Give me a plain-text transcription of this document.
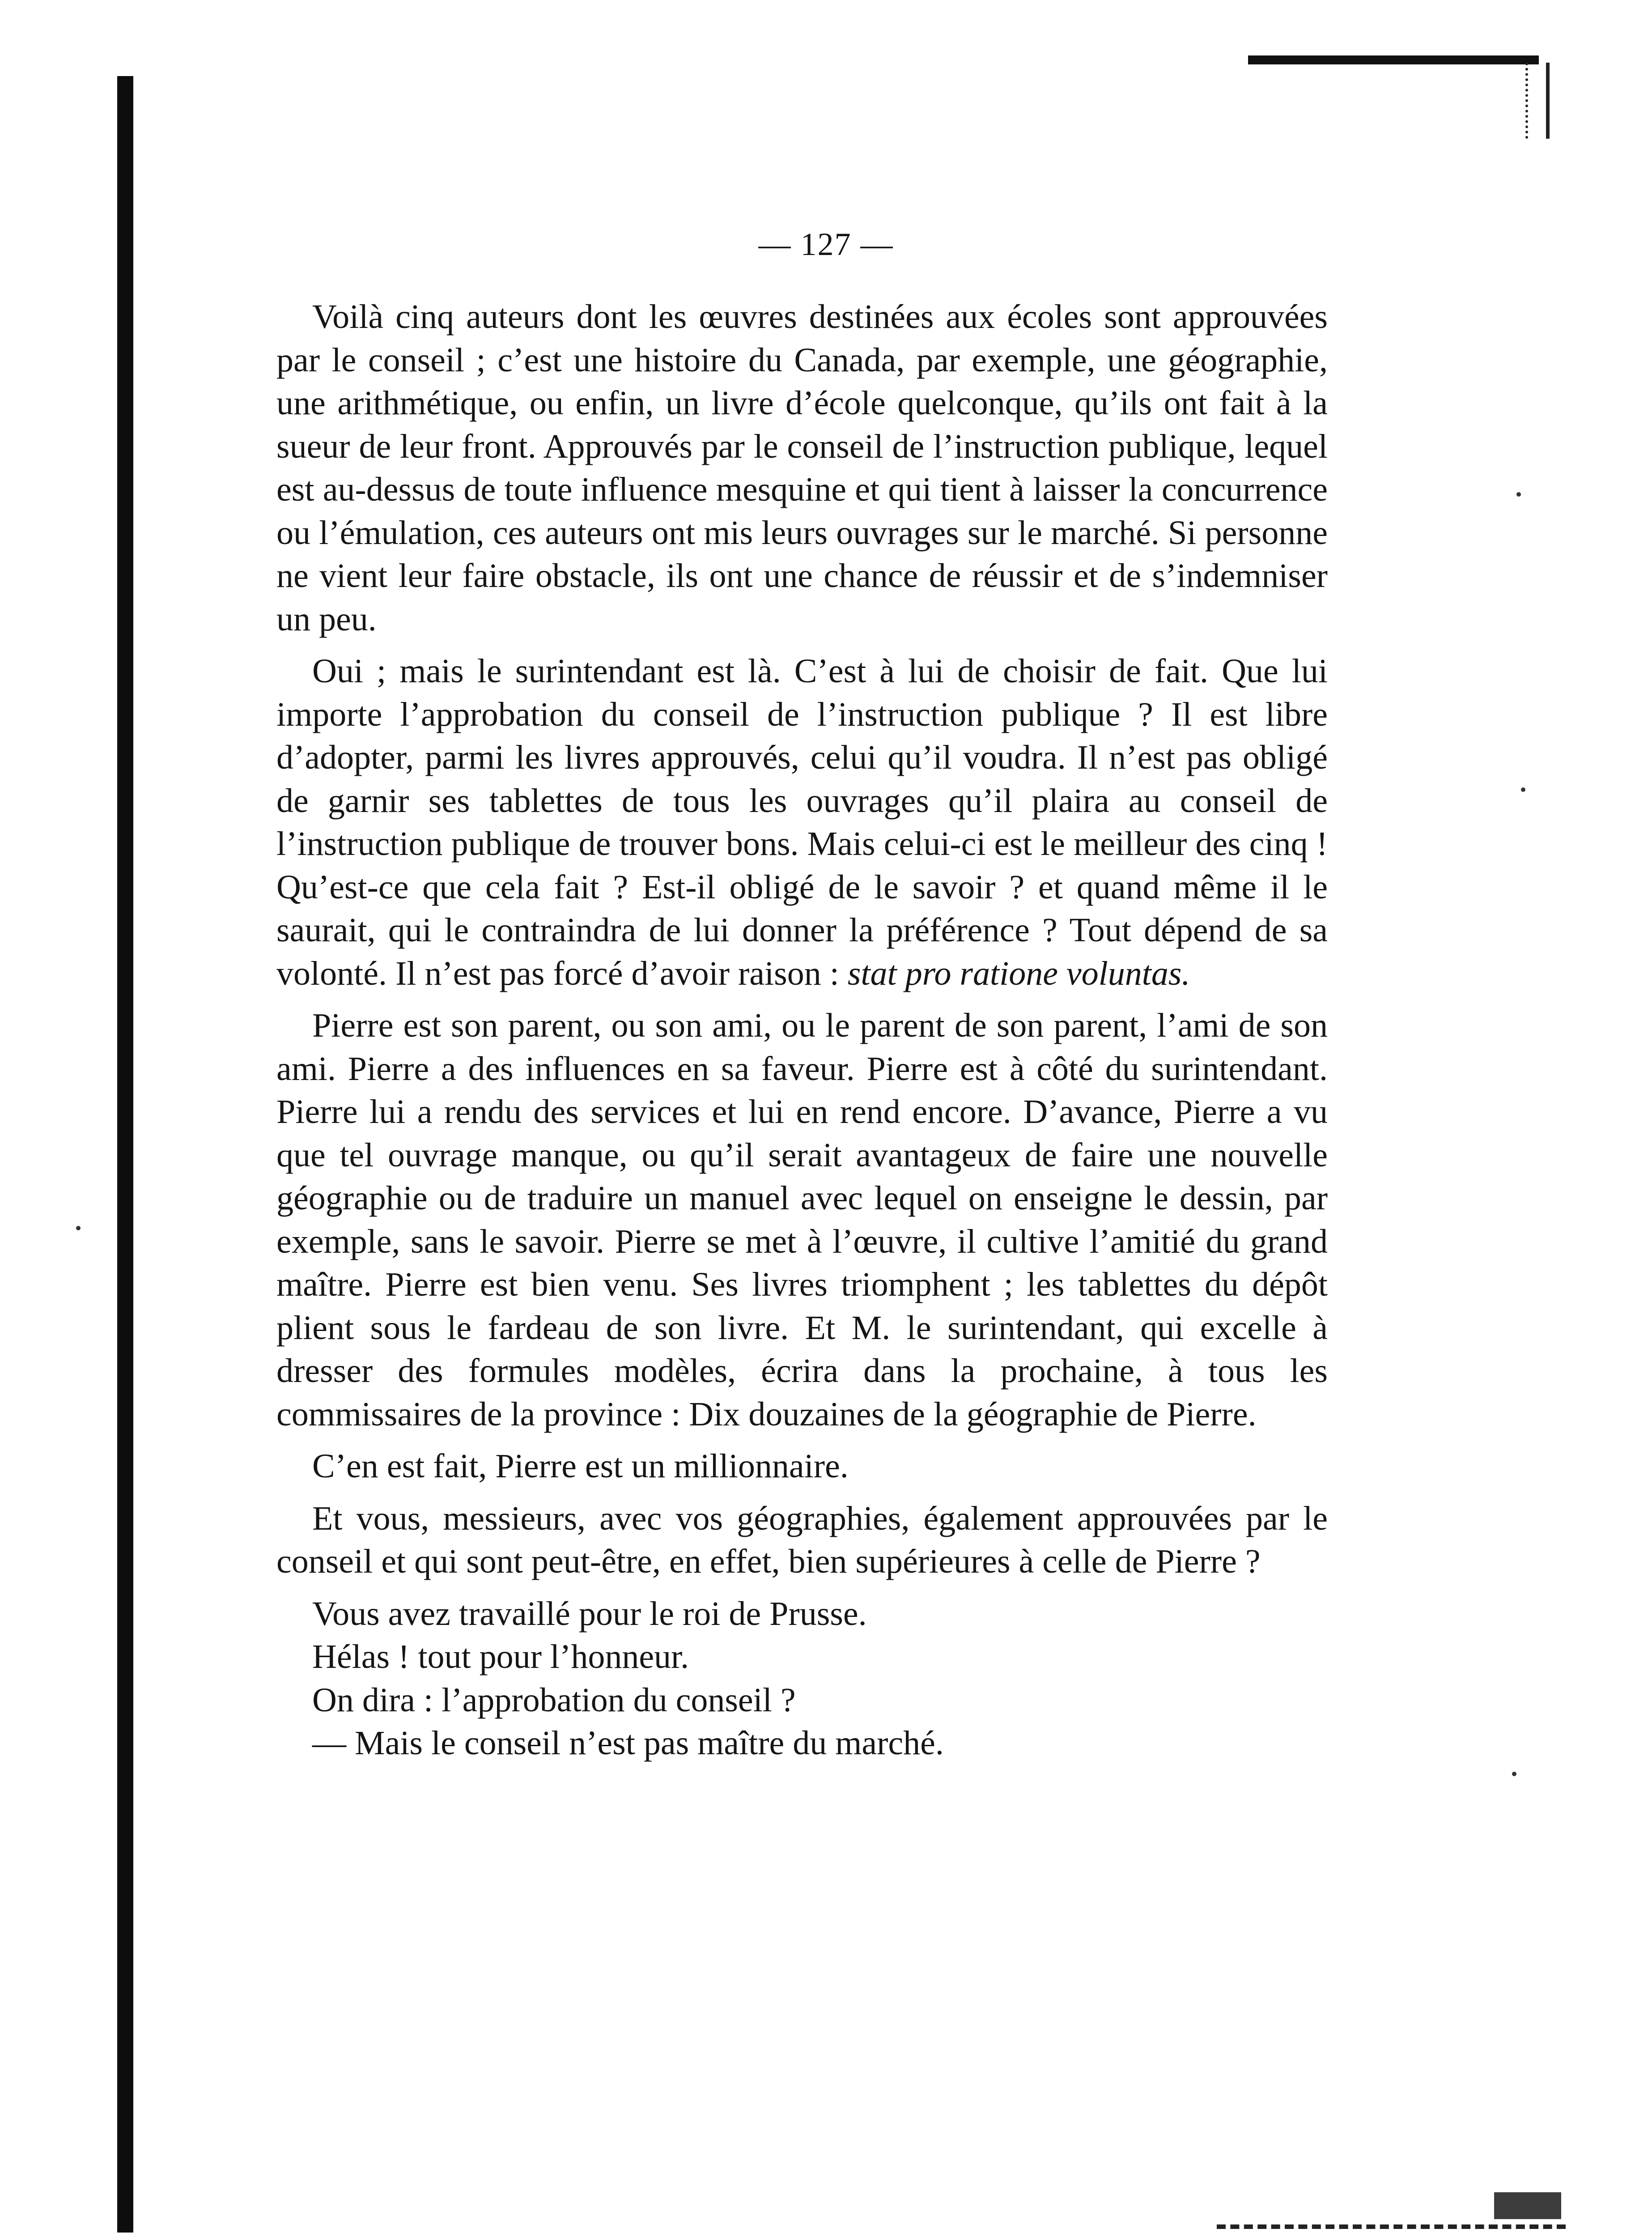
— 127 —

Voilà cinq auteurs dont les œuvres destinées aux écoles sont approuvées par le conseil ; c’est une histoire du Canada, par exemple, une géographie, une arithmétique, ou enfin, un livre d’école quelconque, qu’ils ont fait à la sueur de leur front. Approuvés par le conseil de l’instruction publique, lequel est au-dessus de toute influence mesquine et qui tient à laisser la concurrence ou l’émulation, ces auteurs ont mis leurs ouvrages sur le marché. Si personne ne vient leur faire obstacle, ils ont une chance de réussir et de s’indemniser un peu.

Oui ; mais le surintendant est là. C’est à lui de choisir de fait. Que lui importe l’approbation du conseil de l’instruction publique ? Il est libre d’adopter, parmi les livres approuvés, celui qu’il voudra. Il n’est pas obligé de garnir ses tablettes de tous les ouvrages qu’il plaira au conseil de l’instruction publique de trouver bons. Mais celui-ci est le meilleur des cinq ! Qu’est-ce que cela fait ? Est-il obligé de le savoir ? et quand même il le saurait, qui le contraindra de lui donner la préférence ? Tout dépend de sa volonté. Il n’est pas forcé d’avoir raison : stat pro ratione voluntas.

Pierre est son parent, ou son ami, ou le parent de son parent, l’ami de son ami. Pierre a des influences en sa faveur. Pierre est à côté du surintendant. Pierre lui a rendu des services et lui en rend encore. D’avance, Pierre a vu que tel ouvrage manque, ou qu’il serait avantageux de faire une nouvelle géographie ou de traduire un manuel avec lequel on enseigne le dessin, par exemple, sans le savoir. Pierre se met à l’œuvre, il cultive l’amitié du grand maître. Pierre est bien venu. Ses livres triomphent ; les tablettes du dépôt plient sous le fardeau de son livre. Et M. le surintendant, qui excelle à dresser des formules modèles, écrira dans la prochaine, à tous les commissaires de la province : Dix douzaines de la géographie de Pierre.

C’en est fait, Pierre est un millionnaire.

Et vous, messieurs, avec vos géographies, également approuvées par le conseil et qui sont peut-être, en effet, bien supérieures à celle de Pierre ?

Vous avez travaillé pour le roi de Prusse.

Hélas ! tout pour l’honneur.

On dira : l’approbation du conseil ?

— Mais le conseil n’est pas maître du marché.
